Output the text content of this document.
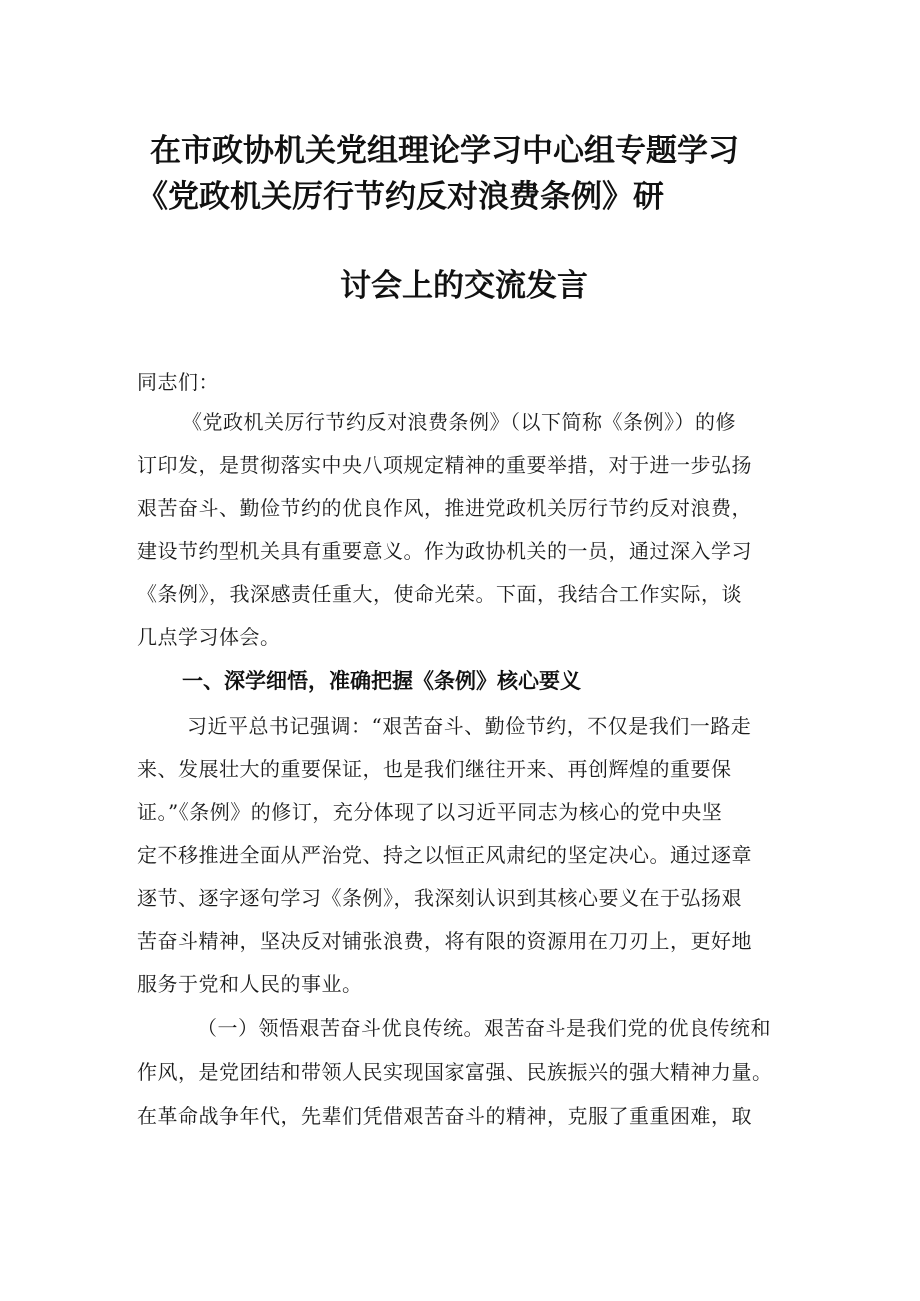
在市政协机关党组理论学习中心组专题学习
《党政机关厉行节约反对浪费条例》研
讨会上的交流发言
同志们：
《党政机关厉行节约反对浪费条例》（以下简称《条例》）的修
订印发，是贯彻落实中央八项规定精神的重要举措，对于进一步弘扬
艰苦奋斗、勤俭节约的优良作风，推进党政机关厉行节约反对浪费，
建设节约型机关具有重要意义。作为政协机关的一员，通过深入学习
《条例》，我深感责任重大，使命光荣。下面，我结合工作实际，谈
几点学习体会。
一、深学细悟，准确把握《条例》核心要义
习近平总书记强调：“艰苦奋斗、勤俭节约，不仅是我们一路走
来、发展壮大的重要保证，也是我们继往开来、再创辉煌的重要保
证。”《条例》的修订，充分体现了以习近平同志为核心的党中央坚
定不移推进全面从严治党、持之以恒正风肃纪的坚定决心。通过逐章
逐节、逐字逐句学习《条例》，我深刻认识到其核心要义在于弘扬艰
苦奋斗精神，坚决反对铺张浪费，将有限的资源用在刀刃上，更好地
服务于党和人民的事业。
（一）领悟艰苦奋斗优良传统。艰苦奋斗是我们党的优良传统和
作风，是党团结和带领人民实现国家富强、民族振兴的强大精神力量。
在革命战争年代，先辈们凭借艰苦奋斗的精神，克服了重重困难，取
